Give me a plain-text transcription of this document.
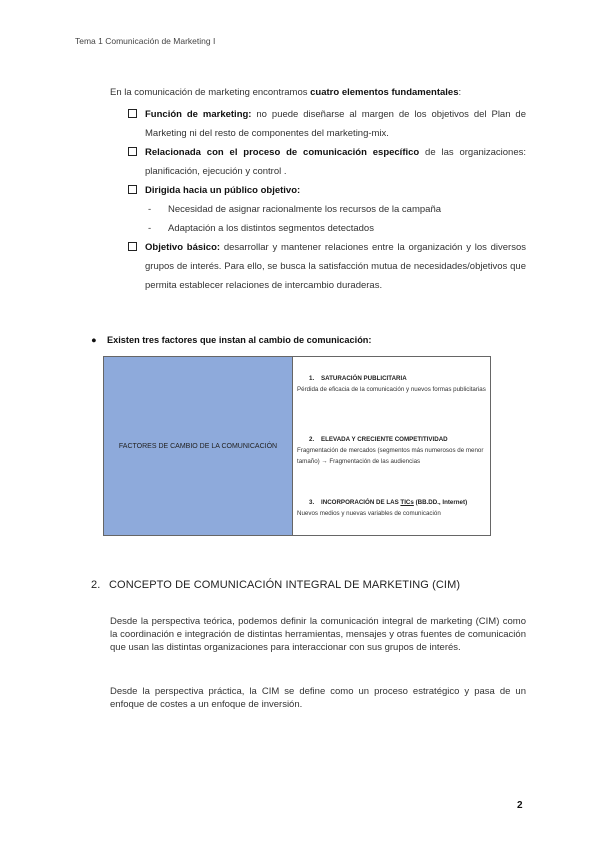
Tema 1 Comunicación de Marketing I
En la comunicación de marketing encontramos cuatro elementos fundamentales:
Función de marketing: no puede diseñarse al margen de los objetivos del Plan de Marketing ni del resto de componentes del marketing-mix.
Relacionada con el proceso de comunicación específico de las organizaciones: planificación, ejecución y control .
Dirigida hacia un público objetivo:
- Necesidad de asignar racionalmente los recursos de la campaña
- Adaptación a los distintos segmentos detectados
Objetivo básico: desarrollar y mantener relaciones entre la organización y los diversos grupos de interés. Para ello, se busca la satisfacción mutua de necesidades/objetivos que permita establecer relaciones de intercambio duraderas.
● Existen tres factores que instan al cambio de comunicación:
FACTORES DE CAMBIO DE LA COMUNICACIÓN
1. SATURACIÓN PUBLICITARIA
Pérdida de eficacia de la comunicación y nuevos formas publicitarias
2. ELEVADA Y CRECIENTE COMPETITIVIDAD
Fragmentación de mercados (segmentos más numerosos de menor tamaño) → Fragmentación de las audiencias
3. INCORPORACIÓN DE LAS TICs (BB.DD., Internet)
Nuevos medios y nuevas variables de comunicación
2. CONCEPTO DE COMUNICACIÓN INTEGRAL DE MARKETING (CIM)
Desde la perspectiva teórica, podemos definir la comunicación integral de marketing (CIM) como la coordinación e integración de distintas herramientas, mensajes y otras fuentes de comunicación que usan las distintas organizaciones para interaccionar con sus grupos de interés.
Desde la perspectiva práctica, la CIM se define como un proceso estratégico y pasa de un enfoque de costes a un enfoque de inversión.
2
